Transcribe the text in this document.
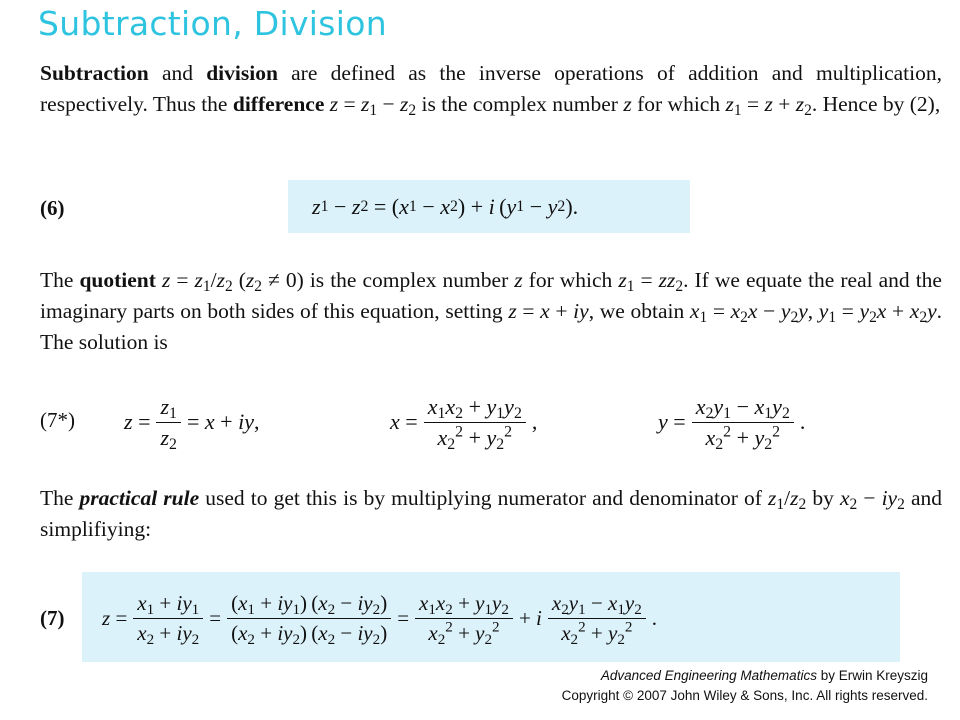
Subtraction, Division
Subtraction and division are defined as the inverse operations of addition and multiplication, respectively. Thus the difference $z = z_1 - z_2$ is the complex number z for which $z_1 = z + z_2$. Hence by (2),
(6)	z 1 − z 2 = ( x 1 − x 2 ) + i  ( y 1 − y 2 ).
The quotient $z = z_1/z_2$ $(z_2 \ne 0)$ is the complex number z for which $z_1 = zz_2$. If we equate the real and the imaginary parts on both sides of this equation, setting z = x + iy, we obtain $x_1 = x_2x - y_2y$, $y_1 = y_2x + x_2y$. The solution is
(7*) $z = \frac{z_1}{z_2} = x$ + iy ,	$x = \frac{x_1x_2 + y_1y_2}{x_2^2 + y_2^2}$ ,	$y = \frac{x_2y_1 - x_1y_2}{x_2^2 + y_2^2}$ .
The practical rule used to get this is by multiplying numerator and denominator of $z_1/z_2$ by $x_2 - iy_2$ and simplifiying:
(7) $z = \frac{x_1 + iy_1}{x_2 + iy_2} = \frac{(x_1 + iy_1) (x_2 - iy_2)}{(x_2 + iy_2) (x_2 - iy_2)} = \frac{x_1x_2 + y_1y_2}{x_2^2 + y_2^2} + i \frac{x_2y_1 - x_1y_2}{x_2^2 + y_2^2}$ .
Advanced Engineering Mathematics by Erwin Kreyszig
Copyright © 2007 John Wiley & Sons, Inc. All rights reserved.
